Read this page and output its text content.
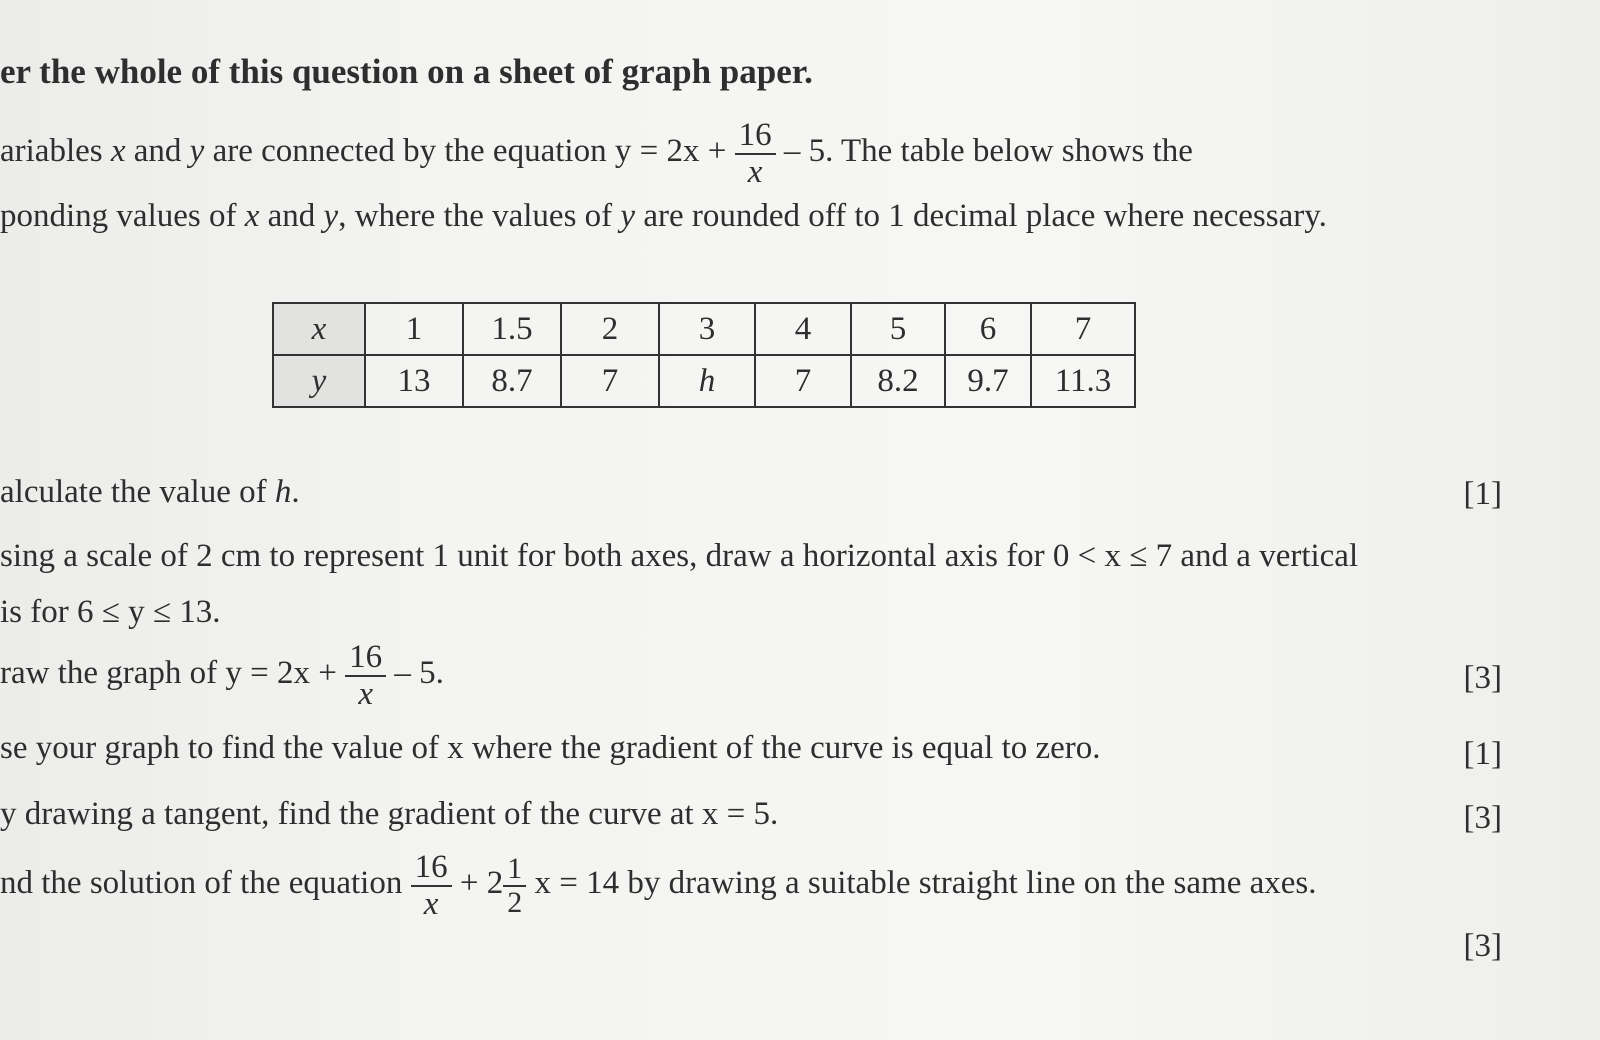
er the whole of this question on a sheet of graph paper.
ariables x and y are connected by the equation $y = 2x + \frac{16}{x} - 5$. The table below shows the
ponding values of x and y, where the values of y are rounded off to 1 decimal place where necessary.
x	1	1.5	2	3	4	5	6	7
y	13	8.7	7	h	7	8.2	9.7	11.3
alculate the value of h.	[1]
sing a scale of 2 cm to represent 1 unit for both axes, draw a horizontal axis for 0 < x ≤ 7 and a vertical
is for 6 ≤ y ≤ 13.
raw the graph of $y = 2x + \frac{16}{x} - 5$.	[3]
se your graph to find the value of x where the gradient of the curve is equal to zero.	[1]
y drawing a tangent, find the gradient of the curve at x = 5.	[3]
nd the solution of the equation $\frac{16}{x} + 2 \frac{1}{2}$ x = 14 by drawing a suitable straight line on the same axes.
[3]
